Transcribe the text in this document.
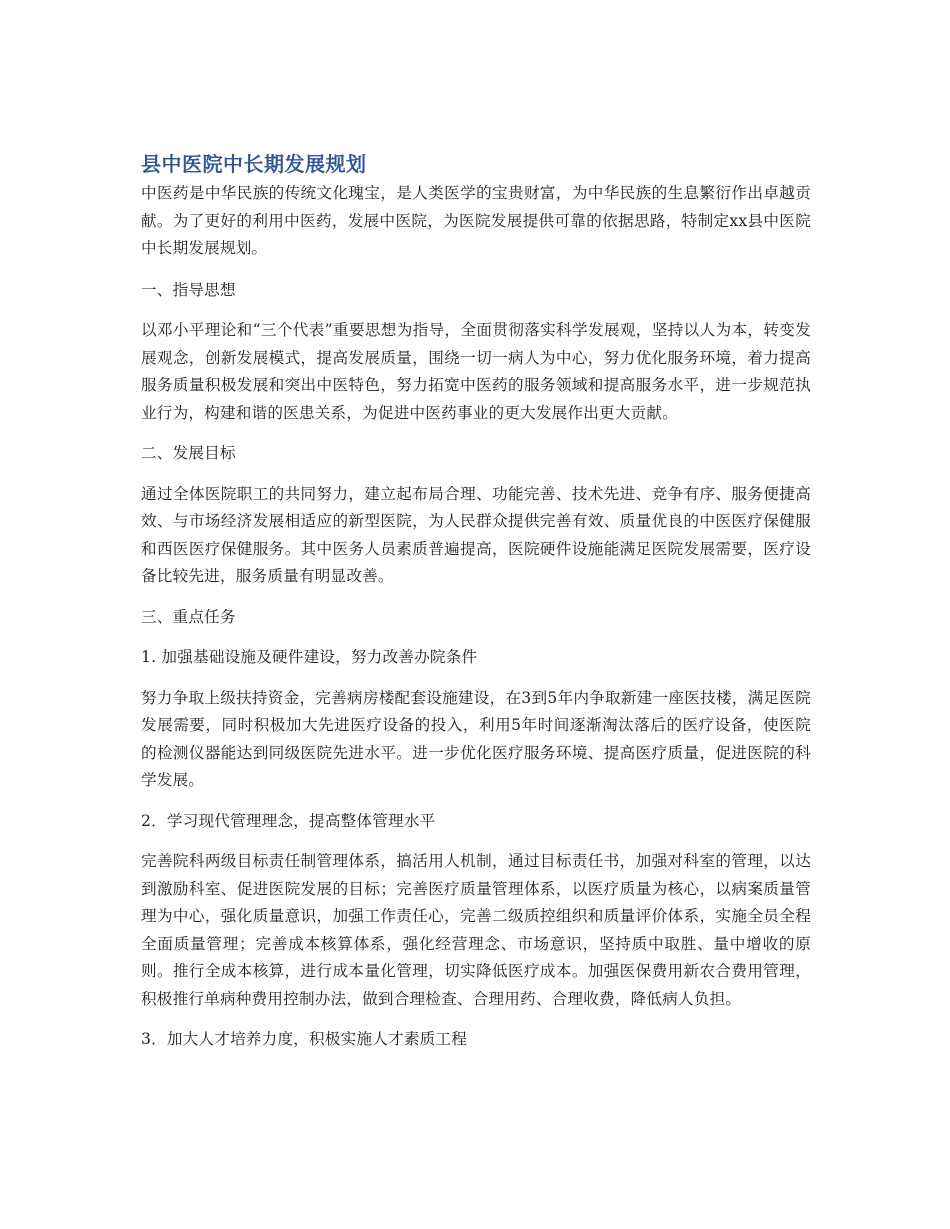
县中医院中长期发展规划

中医药是中华民族的传统文化瑰宝，是人类医学的宝贵财富，为中华民族的生息繁衍作出卓越贡献。为了更好的利用中医药，发展中医院，为医院发展提供可靠的依据思路，特制定xx县中医院中长期发展规划。

一、指导思想

以邓小平理论和“三个代表”重要思想为指导，全面贯彻落实科学发展观，坚持以人为本，转变发展观念，创新发展模式，提高发展质量，围绕一切一病人为中心，努力优化服务环境，着力提高服务质量积极发展和突出中医特色，努力拓宽中医药的服务领域和提高服务水平，进一步规范执业行为，构建和谐的医患关系，为促进中医药事业的更大发展作出更大贡献。

二、发展目标

通过全体医院职工的共同努力，建立起布局合理、功能完善、技术先进、竞争有序、服务便捷高效、与市场经济发展相适应的新型医院，为人民群众提供完善有效、质量优良的中医医疗保健服和西医医疗保健服务。其中医务人员素质普遍提高，医院硬件设施能满足医院发展需要，医疗设备比较先进，服务质量有明显改善。

三、重点任务

1. 加强基础设施及硬件建设，努力改善办院条件

努力争取上级扶持资金，完善病房楼配套设施建设，在3到5年内争取新建一座医技楼，满足医院发展需要，同时积极加大先进医疗设备的投入，利用5年时间逐渐淘汰落后的医疗设备，使医院的检测仪器能达到同级医院先进水平。进一步优化医疗服务环境、提高医疗质量，促进医院的科学发展。

2．学习现代管理理念，提高整体管理水平

完善院科两级目标责任制管理体系，搞活用人机制，通过目标责任书，加强对科室的管理，以达到激励科室、促进医院发展的目标；完善医疗质量管理体系，以医疗质量为核心，以病案质量管理为中心，强化质量意识，加强工作责任心，完善二级质控组织和质量评价体系，实施全员全程全面质量管理；完善成本核算体系，强化经营理念、市场意识，坚持质中取胜、量中增收的原则。推行全成本核算，进行成本量化管理，切实降低医疗成本。加强医保费用新农合费用管理，积极推行单病种费用控制办法，做到合理检查、合理用药、合理收费，降低病人负担。

3．加大人才培养力度，积极实施人才素质工程
